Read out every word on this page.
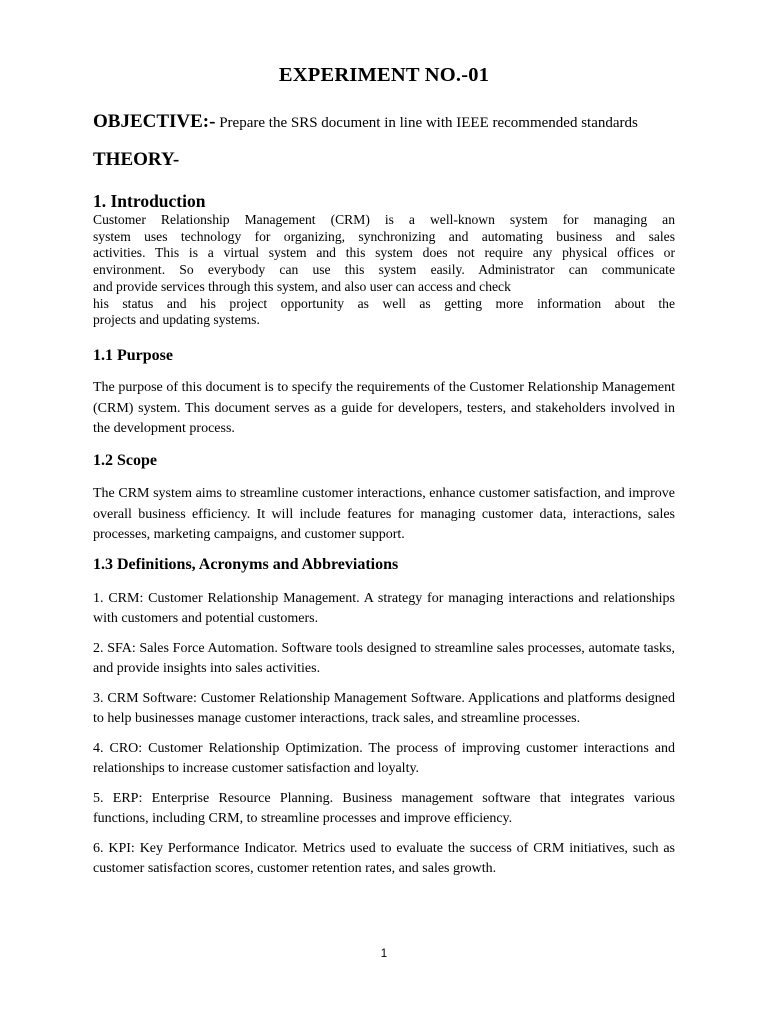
EXPERIMENT NO.-01
OBJECTIVE:- Prepare the SRS document in line with IEEE recommended standards
THEORY-
1. Introduction
Customer Relationship Management (CRM) is a well-known system for managing an
system uses technology for organizing, synchronizing and automating business and sales
activities. This is a virtual system and this system does not require any physical offices or
environment. So everybody can use this system easily. Administrator can communicate
and provide services through this system, and also user can access and check
his status and his project opportunity as well as getting more information about the
projects and updating systems.
1.1 Purpose
The purpose of this document is to specify the requirements of the Customer Relationship Management (CRM) system. This document serves as a guide for developers, testers, and stakeholders involved in the development process.
1.2 Scope
The CRM system aims to streamline customer interactions, enhance customer satisfaction, and improve overall business efficiency. It will include features for managing customer data, interactions, sales processes, marketing campaigns, and customer support.
1.3 Definitions, Acronyms and Abbreviations

1. CRM: Customer Relationship Management. A strategy for managing interactions and relationships with customers and potential customers.

2. SFA: Sales Force Automation. Software tools designed to streamline sales processes, automate tasks, and provide insights into sales activities.

3. CRM Software: Customer Relationship Management Software. Applications and platforms designed to help businesses manage customer interactions, track sales, and streamline processes.

4. CRO: Customer Relationship Optimization. The process of improving customer interactions and relationships to increase customer satisfaction and loyalty.

5. ERP: Enterprise Resource Planning. Business management software that integrates various functions, including CRM, to streamline processes and improve efficiency.

6. KPI: Key Performance Indicator. Metrics used to evaluate the success of CRM initiatives, such as customer satisfaction scores, customer retention rates, and sales growth.

1
